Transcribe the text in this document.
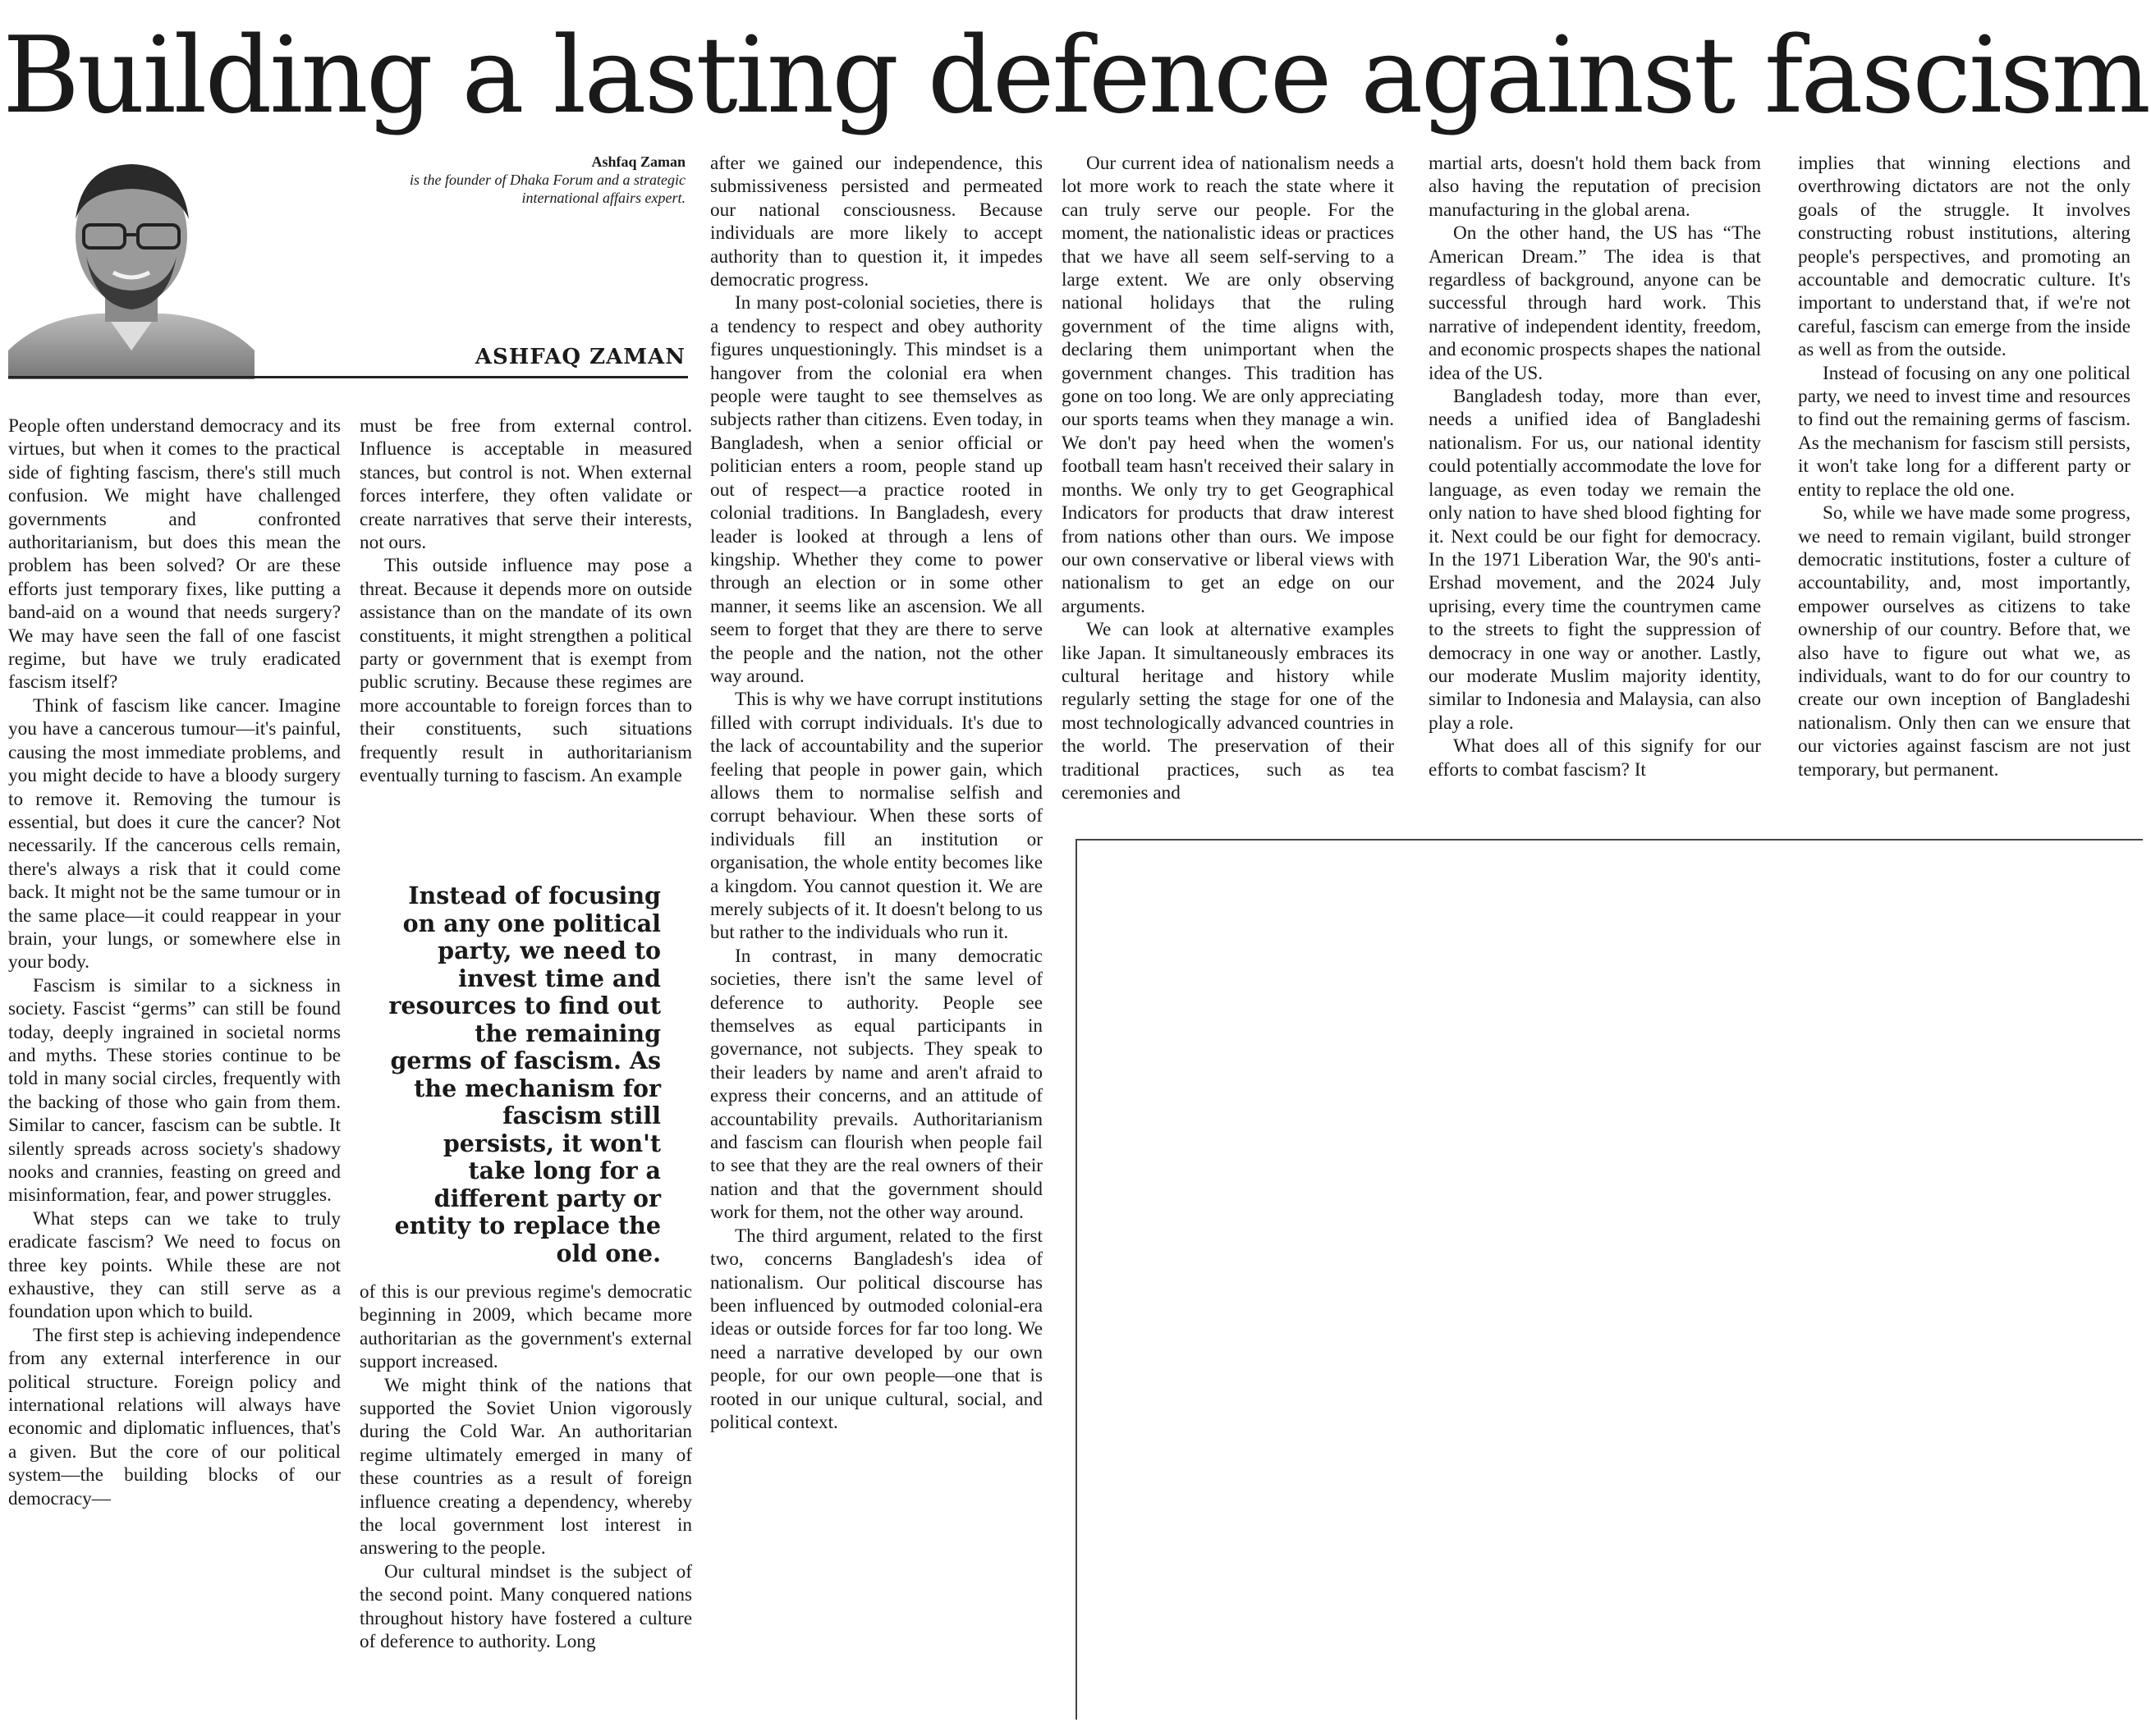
Building a lasting defence against fascism
Ashfaq Zaman
is the founder of Dhaka Forum and a strategic international affairs expert.
ASHFAQ ZAMAN

People often understand democracy and its virtues, but when it comes to the practical side of fighting fascism, there's still much confusion. We might have challenged governments and confronted authoritarianism, but does this mean the problem has been solved? Or are these efforts just temporary fixes, like putting a band-aid on a wound that needs surgery? We may have seen the fall of one fascist regime, but have we truly eradicated fascism itself?

Think of fascism like cancer. Imagine you have a cancerous tumour—it's painful, causing the most immediate problems, and you might decide to have a bloody surgery to remove it. Removing the tumour is essential, but does it cure the cancer? Not necessarily. If the cancerous cells remain, there's always a risk that it could come back. It might not be the same tumour or in the same place—it could reappear in your brain, your lungs, or somewhere else in your body.

Fascism is similar to a sickness in society. Fascist “germs” can still be found today, deeply ingrained in societal norms and myths. These stories continue to be told in many social circles, frequently with the backing of those who gain from them. Similar to cancer, fascism can be subtle. It silently spreads across society's shadowy nooks and crannies, feasting on greed and misinformation, fear, and power struggles.

What steps can we take to truly eradicate fascism? We need to focus on three key points. While these are not exhaustive, they can still serve as a foundation upon which to build.

The first step is achieving independence from any external interference in our political structure. Foreign policy and international relations will always have economic and diplomatic influences, that's a given. But the core of our political system—the building blocks of our democracy—

must be free from external control. Influence is acceptable in measured stances, but control is not. When external forces interfere, they often validate or create narratives that serve their interests, not ours.

This outside influence may pose a threat. Because it depends more on outside assistance than on the mandate of its own constituents, it might strengthen a political party or government that is exempt from public scrutiny. Because these regimes are more accountable to foreign forces than to their constituents, such situations frequently result in authoritarianism eventually turning to fascism. An example

Instead of focusing on any one political party, we need to invest time and resources to find out the remaining germs of fascism. As the mechanism for fascism still persists, it won't take long for a different party or entity to replace the old one.

of this is our previous regime's democratic beginning in 2009, which became more authoritarian as the government's external support increased.

We might think of the nations that supported the Soviet Union vigorously during the Cold War. An authoritarian regime ultimately emerged in many of these countries as a result of foreign influence creating a dependency, whereby the local government lost interest in answering to the people.

Our cultural mindset is the subject of the second point. Many conquered nations throughout history have fostered a culture of deference to authority. Long

after we gained our independence, this submissiveness persisted and permeated our national consciousness. Because individuals are more likely to accept authority than to question it, it impedes democratic progress.

In many post-colonial societies, there is a tendency to respect and obey authority figures unquestioningly. This mindset is a hangover from the colonial era when people were taught to see themselves as subjects rather than citizens. Even today, in Bangladesh, when a senior official or politician enters a room, people stand up out of respect—a practice rooted in colonial traditions. In Bangladesh, every leader is looked at through a lens of kingship. Whether they come to power through an election or in some other manner, it seems like an ascension. We all seem to forget that they are there to serve the people and the nation, not the other way around.

This is why we have corrupt institutions filled with corrupt individuals. It's due to the lack of accountability and the superior feeling that people in power gain, which allows them to normalise selfish and corrupt behaviour. When these sorts of individuals fill an institution or organisation, the whole entity becomes like a kingdom. You cannot question it. We are merely subjects of it. It doesn't belong to us but rather to the individuals who run it.

In contrast, in many democratic societies, there isn't the same level of deference to authority. People see themselves as equal participants in governance, not subjects. They speak to their leaders by name and aren't afraid to express their concerns, and an attitude of accountability prevails. Authoritarianism and fascism can flourish when people fail to see that they are the real owners of their nation and that the government should work for them, not the other way around.

The third argument, related to the first two, concerns Bangladesh's idea of nationalism. Our political discourse has been influenced by outmoded colonial-era ideas or outside forces for far too long. We need a narrative developed by our own people, for our own people—one that is rooted in our unique cultural, social, and political context.

Our current idea of nationalism needs a lot more work to reach the state where it can truly serve our people. For the moment, the nationalistic ideas or practices that we have all seem self-serving to a large extent. We are only observing national holidays that the ruling government of the time aligns with, declaring them unimportant when the government changes. This tradition has gone on too long. We are only appreciating our sports teams when they manage a win. We don't pay heed when the women's football team hasn't received their salary in months. We only try to get Geographical Indicators for products that draw interest from nations other than ours. We impose our own conservative or liberal views with nationalism to get an edge on our arguments.

We can look at alternative examples like Japan. It simultaneously embraces its cultural heritage and history while regularly setting the stage for one of the most technologically advanced countries in the world. The preservation of their traditional practices, such as tea ceremonies and

martial arts, doesn't hold them back from also having the reputation of precision manufacturing in the global arena.

On the other hand, the US has “The American Dream.” The idea is that regardless of background, anyone can be successful through hard work. This narrative of independent identity, freedom, and economic prospects shapes the national idea of the US.

Bangladesh today, more than ever, needs a unified idea of Bangladeshi nationalism. For us, our national identity could potentially accommodate the love for language, as even today we remain the only nation to have shed blood fighting for it. Next could be our fight for democracy. In the 1971 Liberation War, the 90's anti-Ershad movement, and the 2024 July uprising, every time the countrymen came to the streets to fight the suppression of democracy in one way or another. Lastly, our moderate Muslim majority identity, similar to Indonesia and Malaysia, can also play a role.

What does all of this signify for our efforts to combat fascism? It

implies that winning elections and overthrowing dictators are not the only goals of the struggle. It involves constructing robust institutions, altering people's perspectives, and promoting an accountable and democratic culture. It's important to understand that, if we're not careful, fascism can emerge from the inside as well as from the outside.

Instead of focusing on any one political party, we need to invest time and resources to find out the remaining germs of fascism. As the mechanism for fascism still persists, it won't take long for a different party or entity to replace the old one.

So, while we have made some progress, we need to remain vigilant, build stronger democratic institutions, foster a culture of accountability, and, most importantly, empower ourselves as citizens to take ownership of our country. Before that, we also have to figure out what we, as individuals, want to do for our country to create our own inception of Bangladeshi nationalism. Only then can we ensure that our victories against fascism are not just temporary, but permanent.
